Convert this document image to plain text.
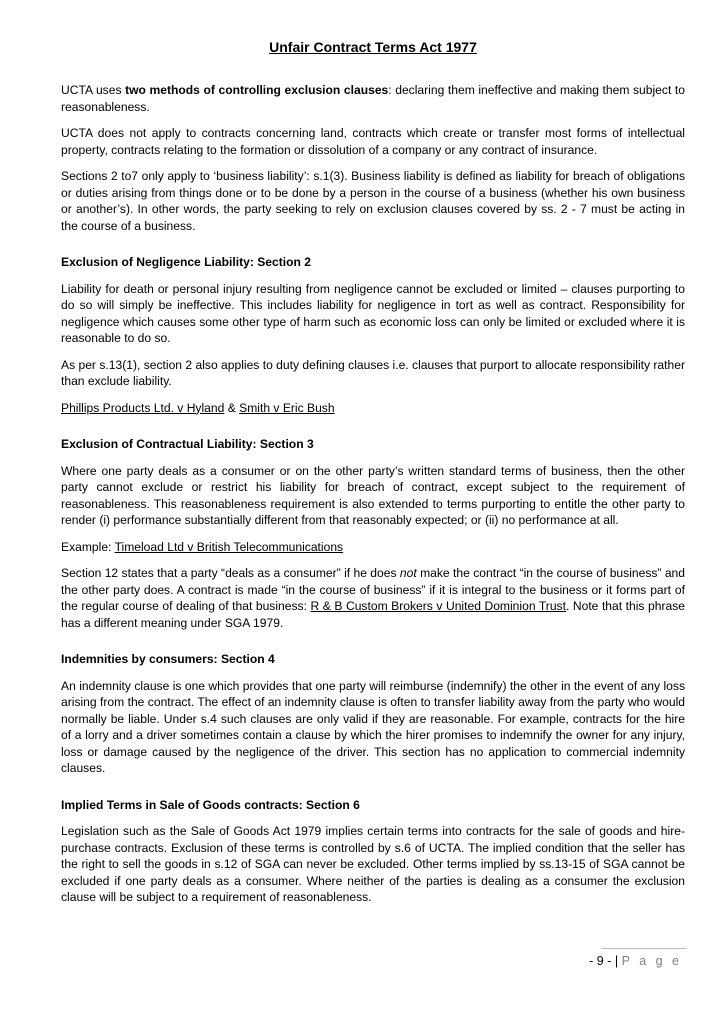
Unfair Contract Terms Act 1977

UCTA uses two methods of controlling exclusion clauses: declaring them ineffective and making them subject to reasonableness.

UCTA does not apply to contracts concerning land, contracts which create or transfer most forms of intellectual property, contracts relating to the formation or dissolution of a company or any contract of insurance.

Sections 2 to7 only apply to ‘business liability’: s.1(3). Business liability is defined as liability for breach of obligations or duties arising from things done or to be done by a person in the course of a business (whether his own business or another’s). In other words, the party seeking to rely on exclusion clauses covered by ss. 2 - 7 must be acting in the course of a business.

Exclusion of Negligence Liability: Section 2

Liability for death or personal injury resulting from negligence cannot be excluded or limited – clauses purporting to do so will simply be ineffective. This includes liability for negligence in tort as well as contract. Responsibility for negligence which causes some other type of harm such as economic loss can only be limited or excluded where it is reasonable to do so.

As per s.13(1), section 2 also applies to duty defining clauses i.e. clauses that purport to allocate responsibility rather than exclude liability.

Phillips Products Ltd. v Hyland & Smith v Eric Bush

Exclusion of Contractual Liability: Section 3

Where one party deals as a consumer or on the other party’s written standard terms of business, then the other party cannot exclude or restrict his liability for breach of contract, except subject to the requirement of reasonableness. This reasonableness requirement is also extended to terms purporting to entitle the other party to render (i) performance substantially different from that reasonably expected; or (ii) no performance at all.

Example: Timeload Ltd v British Telecommunications

Section 12 states that a party “deals as a consumer” if he does not make the contract “in the course of business” and the other party does. A contract is made “in the course of business” if it is integral to the business or it forms part of the regular course of dealing of that business: R & B Custom Brokers v United Dominion Trust. Note that this phrase has a different meaning under SGA 1979.

Indemnities by consumers: Section 4

An indemnity clause is one which provides that one party will reimburse (indemnify) the other in the event of any loss arising from the contract. The effect of an indemnity clause is often to transfer liability away from the party who would normally be liable. Under s.4 such clauses are only valid if they are reasonable. For example, contracts for the hire of a lorry and a driver sometimes contain a clause by which the hirer promises to indemnify the owner for any injury, loss or damage caused by the negligence of the driver. This section has no application to commercial indemnity clauses.

Implied Terms in Sale of Goods contracts: Section 6

Legislation such as the Sale of Goods Act 1979 implies certain terms into contracts for the sale of goods and hire-purchase contracts. Exclusion of these terms is controlled by s.6 of UCTA. The implied condition that the seller has the right to sell the goods in s.12 of SGA can never be excluded. Other terms implied by ss.13-15 of SGA cannot be excluded if one party deals as a consumer. Where neither of the parties is dealing as a consumer the exclusion clause will be subject to a requirement of reasonableness.

- 9 - | P a g e
